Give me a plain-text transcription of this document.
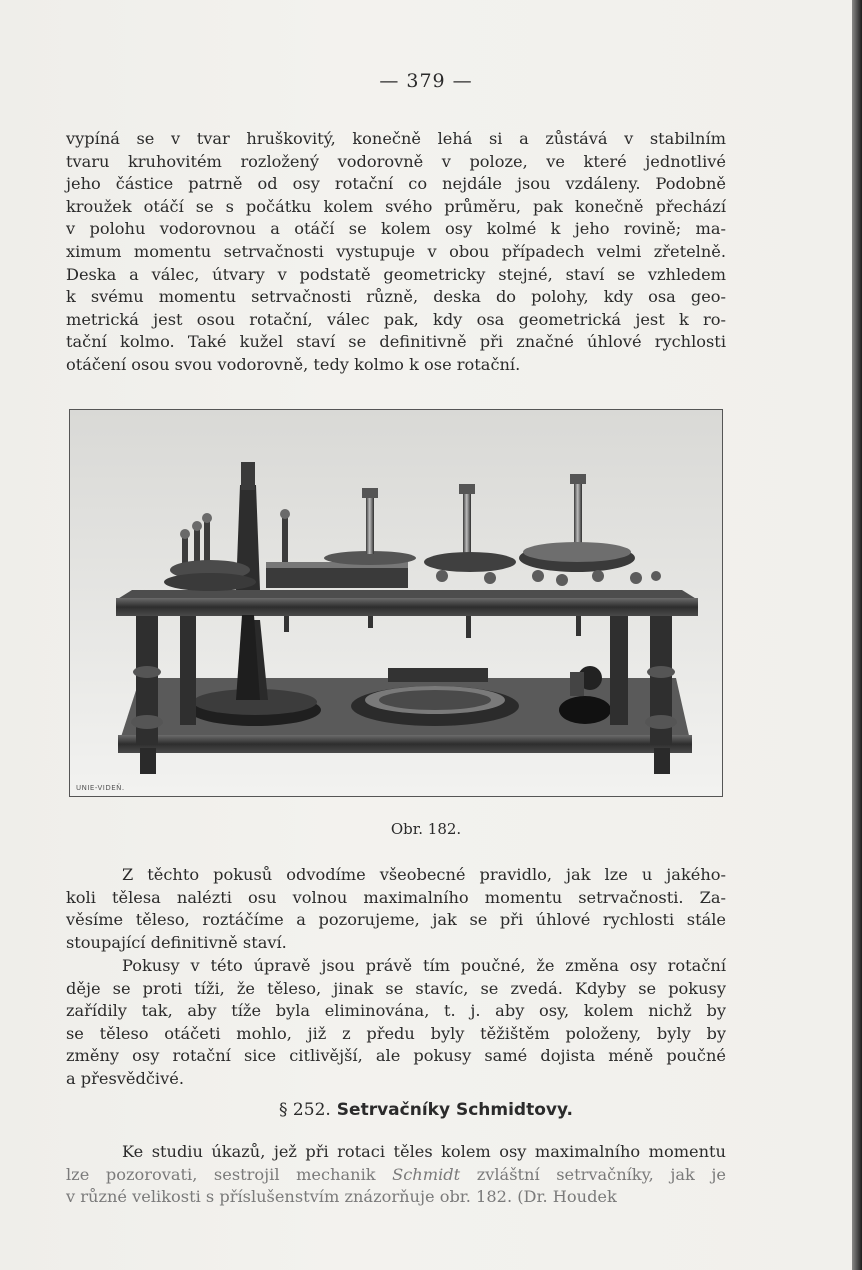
— 379 —
vypíná se v tvar hruškovitý, konečně lehá si a zůstává v stabilním
tvaru kruhovitém rozložený vodorovně v poloze, ve které jednotlivé
jeho částice patrně od osy rotační co nejdále jsou vzdáleny. Podobně
kroužek otáčí se s počátku kolem svého průměru, pak konečně přechází
v polohu vodorovnou a otáčí se kolem osy kolmé k jeho rovině; ma-
ximum momentu setrvačnosti vystupuje v obou případech velmi zřetelně.
Deska a válec, útvary v podstatě geometricky stejné, staví se vzhledem
k svému momentu setrvačnosti různě, deska do polohy, kdy osa geo-
metrická jest osou rotační, válec pak, kdy osa geometrická jest k ro-
tační kolmo. Také kužel staví se definitivně při značné úhlové rychlosti
otáčení osou svou vodorovně, tedy kolmo k ose rotační.
UNIE-VIDEŇ.
Obr. 182.
Z těchto pokusů odvodíme všeobecné pravidlo, jak lze u jakého-
koli tělesa nalézti osu volnou maximalního momentu setrvačnosti. Za-
věsíme těleso, roztáčíme a pozorujeme, jak se při úhlové rychlosti stále
stoupající definitivně staví.
Pokusy v této úpravě jsou právě tím poučné, že změna osy rotační
děje se proti tíži, že těleso, jinak se stavíc, se zvedá. Kdyby se pokusy
zařídily tak, aby tíže byla eliminována, t. j. aby osy, kolem nichž by
se těleso otáčeti mohlo, již z předu byly těžištěm položeny, byly by
změny osy rotační sice citlivější, ale pokusy samé dojista méně poučné
a přesvědčivé.
§ 252. Setrvačníky Schmidtovy.
Ke studiu úkazů, jež při rotaci těles kolem osy maximalního momentu
lze pozorovati, sestrojil mechanik Schmidt zvláštní setrvačníky, jak je
v různé velikosti s příslušenstvím znázorňuje obr. 182. (Dr. Houdek
